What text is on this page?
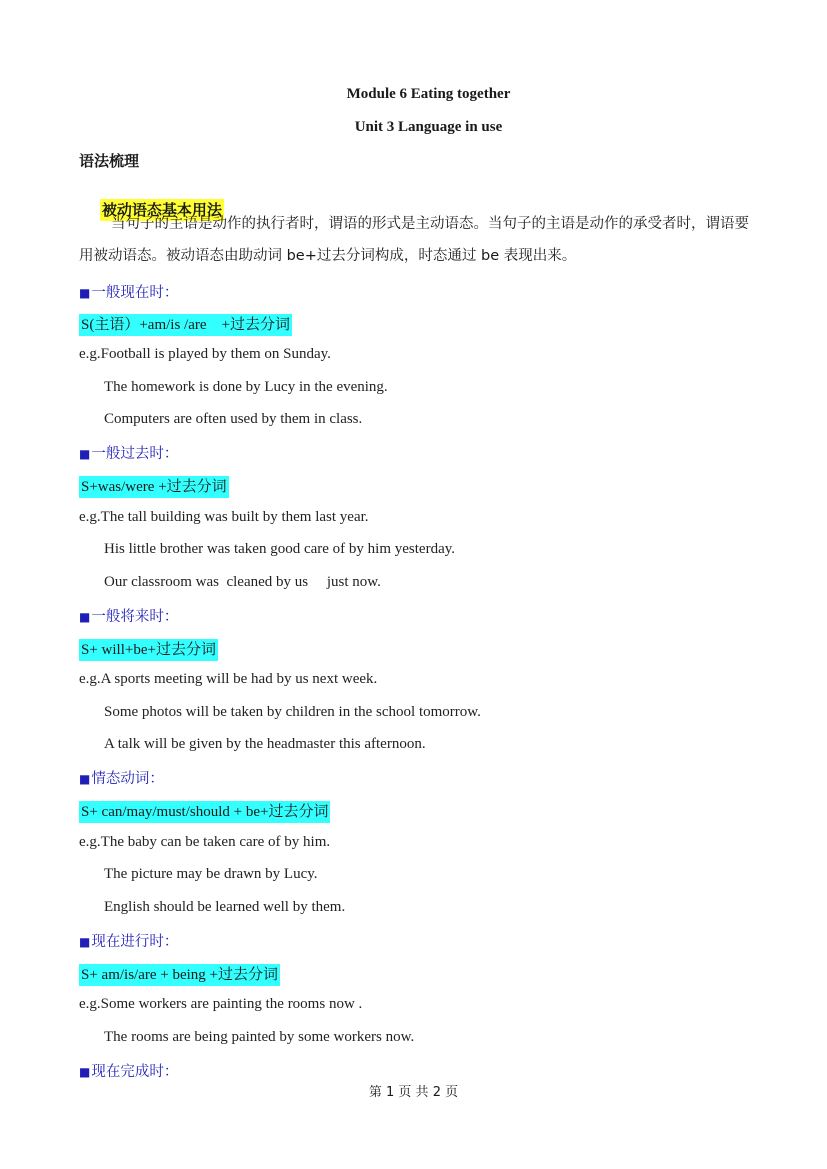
Module 6 Eating together
Unit 3 Language in use
语法梳理

被动语态基本用法

当句子的主语是动作的执行者时，谓语的形式是主动语态。当句子的主语是动作的承受者时，谓语要用被动语态。被动语态由助动词 be+过去分词构成，时态通过 be 表现出来。
■一般现在时：
S(主语）+am/is /are    +过去分词
e.g.Football is played by them on Sunday.
The homework is done by Lucy in the evening.
Computers are often used by them in class.
■一般过去时：
S+was/were +过去分词
e.g.The tall building was built by them last year.
His little brother was taken good care of by him yesterday.
Our classroom was  cleaned by us     just now.
■一般将来时：
S+ will+be+过去分词
e.g.A sports meeting will be had by us next week.
Some photos will be taken by children in the school tomorrow.
A talk will be given by the headmaster this afternoon.
■情态动词：
S+ can/may/must/should + be+过去分词
e.g.The baby can be taken care of by him.
The picture may be drawn by Lucy.
English should be learned well by them.
■现在进行时：
S+ am/is/are + being +过去分词
e.g.Some workers are painting the rooms now .
The rooms are being painted by some workers now.
■现在完成时：
第 1 页 共 2 页
